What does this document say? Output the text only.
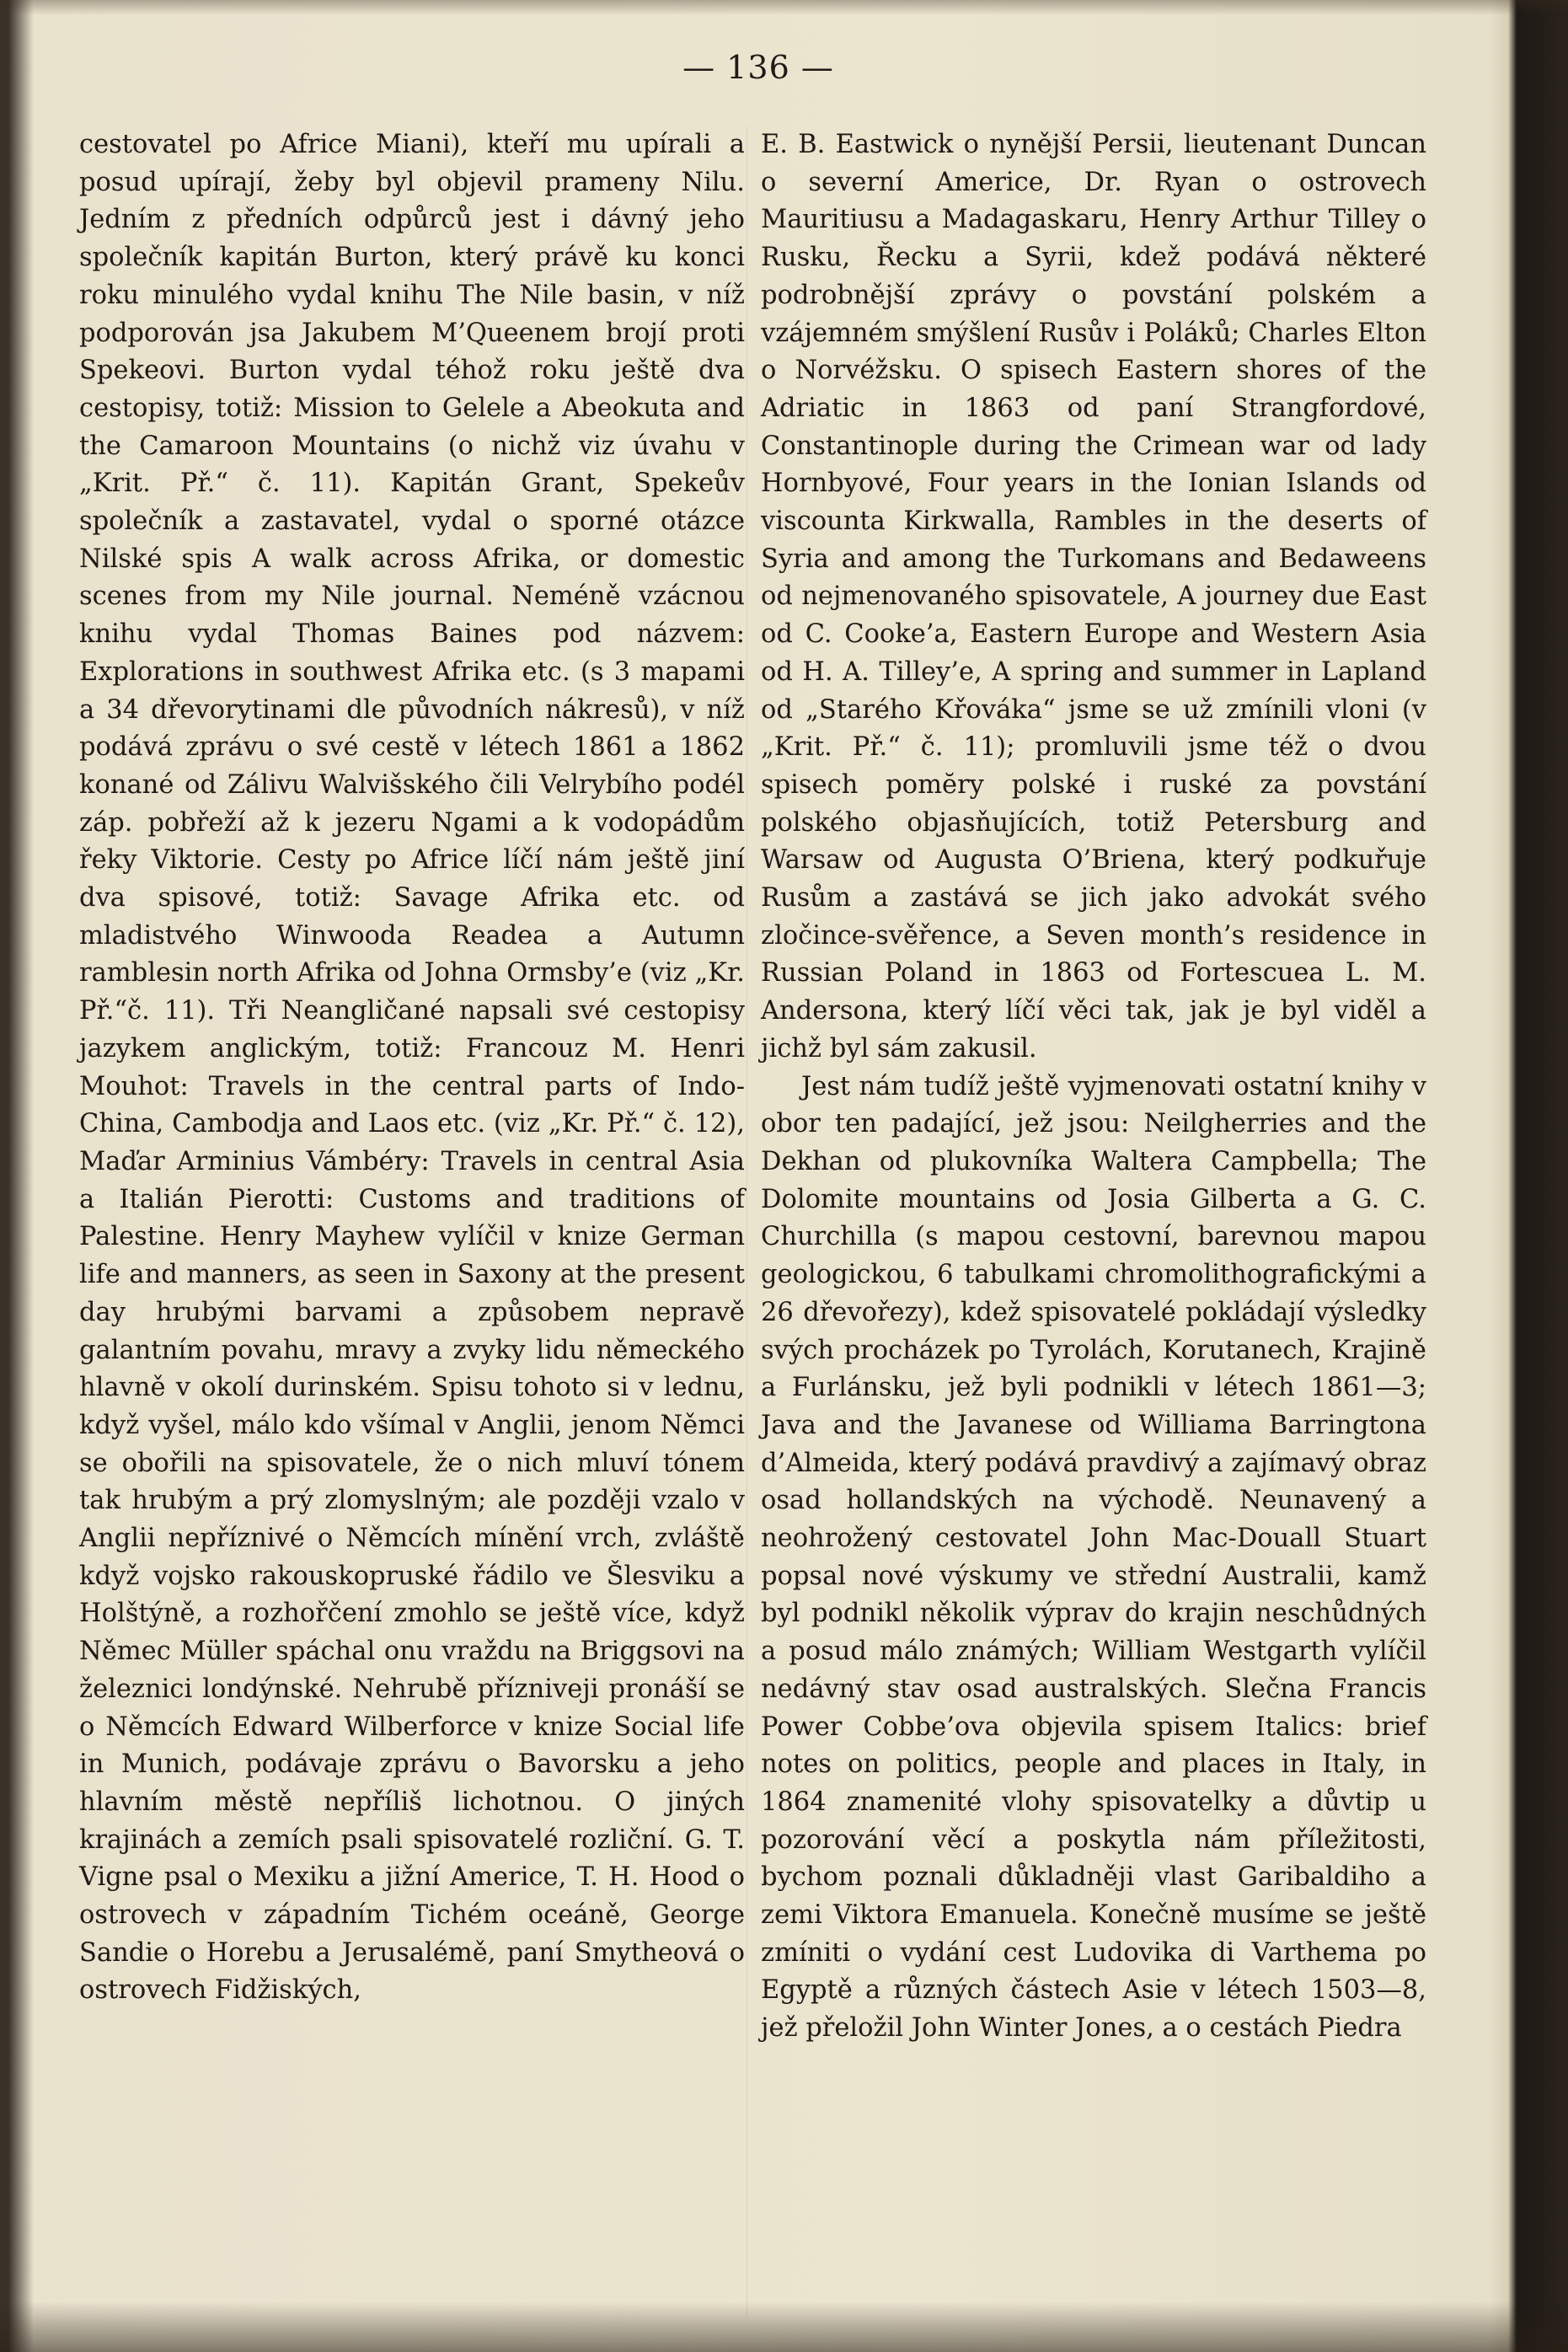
— 136 —

cestovatel po Africe Miani), kteří mu upírali a posud upírají, žeby byl objevil prameny Nilu. Jedním z předních odpůrců jest i dávný jeho společník kapitán Burton, který právě ku konci roku minulého vydal knihu The Nile basin, v níž podporován jsa Jakubem M’Queenem brojí proti Spekeovi. Burton vydal téhož roku ještě dva cestopisy, totiž: Mission to Gelele a Abeokuta and the Camaroon Mountains (o nichž viz úvahu v „Krit. Př.“ č. 11). Kapitán Grant, Spekeův společník a zastavatel, vydal o sporné otázce Nilské spis A walk across Afrika, or domestic scenes from my Nile journal. Neméně vzácnou knihu vydal Thomas Baines pod názvem: Explorations in southwest Afrika etc. (s 3 mapami a 34 dřevorytinami dle původních nákresů), v níž podává zprávu o své cestě v létech 1861 a 1862 konané od Zálivu Walvišského čili Velrybího podél záp. pobřeží až k jezeru Ngami a k vodopádům řeky Viktorie. Cesty po Africe líčí nám ještě jiní dva spisové, totiž: Savage Afrika etc. od mladistvého Winwooda Readea a Autumn ramblesin north Afrika od Johna Ormsby’e (viz „Kr. Př.“č. 11). Tři Neangličané napsali své cestopisy jazykem anglickým, totiž: Francouz M. Henri Mouhot: Travels in the central parts of Indo-China, Cambodja and Laos etc. (viz „Kr. Př.“ č. 12), Maďar Arminius Vámbéry: Travels in central Asia a Italián Pierotti: Customs and traditions of Palestine. Henry Mayhew vylíčil v knize German life and manners, as seen in Saxony at the present day hrubými barvami a způsobem nepravě galantním povahu, mravy a zvyky lidu německého hlavně v okolí durinském. Spisu tohoto si v lednu, když vyšel, málo kdo všímal v Anglii, jenom Němci se obořili na spisovatele, že o nich mluví tónem tak hrubým a prý zlomyslným; ale později vzalo v Anglii nepříznivé o Němcích mínění vrch, zvláště když vojsko rakouskopruské řádilo ve Šlesviku a Holštýně, a rozhořčení zmohlo se ještě více, když Němec Müller spáchal onu vraždu na Briggsovi na železnici londýnské. Nehrubě přízniveji pronáší se o Němcích Edward Wilberforce v knize Social life in Munich, podávaje zprávu o Bavorsku a jeho hlavním městě nepříliš lichotnou. O jiných krajinách a zemích psali spisovatelé rozliční. G. T. Vigne psal o Mexiku a jižní Americe, T. H. Hood o ostrovech v západním Tichém oceáně, George Sandie o Horebu a Jerusalémě, paní Smytheová o ostrovech Fidžiských,

E. B. Eastwick o nynější Persii, lieutenant Duncan o severní Americe, Dr. Ryan o ostrovech Mauritiusu a Madagaskaru, Henry Arthur Tilley o Rusku, Řecku a Syrii, kdež podává některé podrobnější zprávy o povstání polském a vzájemném smýšlení Rusův i Poláků; Charles Elton o Norvéžsku. O spisech Eastern shores of the Adriatic in 1863 od paní Strangfordové, Constantinople during the Crimean war od lady Hornbyové, Four years in the Ionian Islands od viscounta Kirkwalla, Rambles in the deserts of Syria and among the Turkomans and Bedaweens od nejmenovaného spisovatele, A journey due East od C. Cooke’a, Eastern Europe and Western Asia od H. A. Tilley’e, A spring and summer in Lapland od „Starého Křováka“ jsme se už zmínili vloni (v „Krit. Př.“ č. 11); promluvili jsme též o dvou spisech pomĕry polské i ruské za povstání polského objasňujících, totiž Petersburg and Warsaw od Augusta O’Briena, který podkuřuje Rusům a zastává se jich jako advokát svého zločince-svěřence, a Seven month’s residence in Russian Poland in 1863 od Fortescuea L. M. Andersona, který líčí věci tak, jak je byl viděl a jichž byl sám zakusil.

Jest nám tudíž ještě vyjmenovati ostatní knihy v obor ten padající, jež jsou: Neilgherries and the Dekhan od plukovníka Waltera Campbella; The Dolomite mountains od Josia Gilberta a G. C. Churchilla (s mapou cestovní, barevnou mapou geologickou, 6 tabulkami chromolithografickými a 26 dřevořezy), kdež spisovatelé pokládají výsledky svých procházek po Tyrolách, Korutanech, Krajině a Furlánsku, jež byli podnikli v létech 1861—3; Java and the Javanese od Williama Barringtona d’Almeida, který podává pravdivý a zajímavý obraz osad hollandských na východě. Neunavený a neohrožený cestovatel John Mac-Douall Stuart popsal nové výskumy ve střední Australii, kamž byl podnikl několik výprav do krajin neschůdných a posud málo známých; William Westgarth vylíčil nedávný stav osad australských. Slečna Francis Power Cobbe’ova objevila spisem Italics: brief notes on politics, people and places in Italy, in 1864 znamenité vlohy spisovatelky a důvtip u pozorování věcí a poskytla nám příležitosti, bychom poznali důkladněji vlast Garibaldiho a zemi Viktora Emanuela. Konečně musíme se ještě zmíniti o vydání cest Ludovika di Varthema po Egyptě a různých částech Asie v létech 1503—8, jež přeložil John Winter Jones, a o cestách Piedra
